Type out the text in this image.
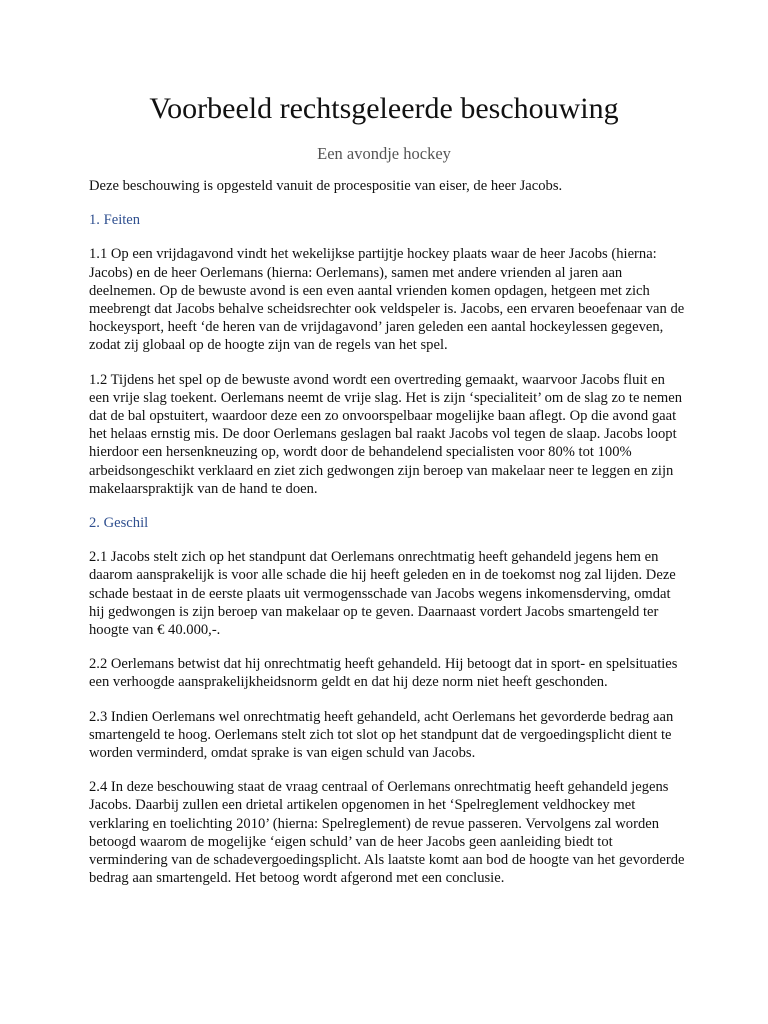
Voorbeeld rechtsgeleerde beschouwing
Een avondje hockey

Deze beschouwing is opgesteld vanuit de procespositie van eiser, de heer Jacobs.

1. Feiten

1.1 Op een vrijdagavond vindt het wekelijkse partijtje hockey plaats waar de heer Jacobs (hierna: Jacobs) en de heer Oerlemans (hierna: Oerlemans), samen met andere vrienden al jaren aan deelnemen. Op de bewuste avond is een even aantal vrienden komen opdagen, hetgeen met zich meebrengt dat Jacobs behalve scheidsrechter ook veldspeler is. Jacobs, een ervaren beoefenaar van de hockeysport, heeft ‘de heren van de vrijdagavond’ jaren geleden een aantal hockeylessen gegeven, zodat zij globaal op de hoogte zijn van de regels van het spel.

1.2 Tijdens het spel op de bewuste avond wordt een overtreding gemaakt, waarvoor Jacobs fluit en een vrije slag toekent. Oerlemans neemt de vrije slag. Het is zijn ‘specialiteit’ om de slag zo te nemen dat de bal opstuitert, waardoor deze een zo onvoorspelbaar mogelijke baan aflegt. Op die avond gaat het helaas ernstig mis. De door Oerlemans geslagen bal raakt Jacobs vol tegen de slaap. Jacobs loopt hierdoor een hersenkneuzing op, wordt door de behandelend specialisten voor 80% tot 100% arbeidsongeschikt verklaard en ziet zich gedwongen zijn beroep van makelaar neer te leggen en zijn makelaarspraktijk van de hand te doen.

2. Geschil

2.1 Jacobs stelt zich op het standpunt dat Oerlemans onrechtmatig heeft gehandeld jegens hem en daarom aansprakelijk is voor alle schade die hij heeft geleden en in de toekomst nog zal lijden. Deze schade bestaat in de eerste plaats uit vermogensschade van Jacobs wegens inkomensderving, omdat hij gedwongen is zijn beroep van makelaar op te geven. Daarnaast vordert Jacobs smartengeld ter hoogte van € 40.000,-.

2.2 Oerlemans betwist dat hij onrechtmatig heeft gehandeld. Hij betoogt dat in sport- en spelsituaties een verhoogde aansprakelijkheidsnorm geldt en dat hij deze norm niet heeft geschonden.

2.3 Indien Oerlemans wel onrechtmatig heeft gehandeld, acht Oerlemans het gevorderde bedrag aan smartengeld te hoog. Oerlemans stelt zich tot slot op het standpunt dat de vergoedingsplicht dient te worden verminderd, omdat sprake is van eigen schuld van Jacobs.

2.4 In deze beschouwing staat de vraag centraal of Oerlemans onrechtmatig heeft gehandeld jegens Jacobs. Daarbij zullen een drietal artikelen opgenomen in het ‘Spelreglement veldhockey met verklaring en toelichting 2010’ (hierna: Spelreglement) de revue passeren. Vervolgens zal worden betoogd waarom de mogelijke ‘eigen schuld’ van de heer Jacobs geen aanleiding biedt tot vermindering van de schadevergoedingsplicht. Als laatste komt aan bod de hoogte van het gevorderde bedrag aan smartengeld. Het betoog wordt afgerond met een conclusie.
